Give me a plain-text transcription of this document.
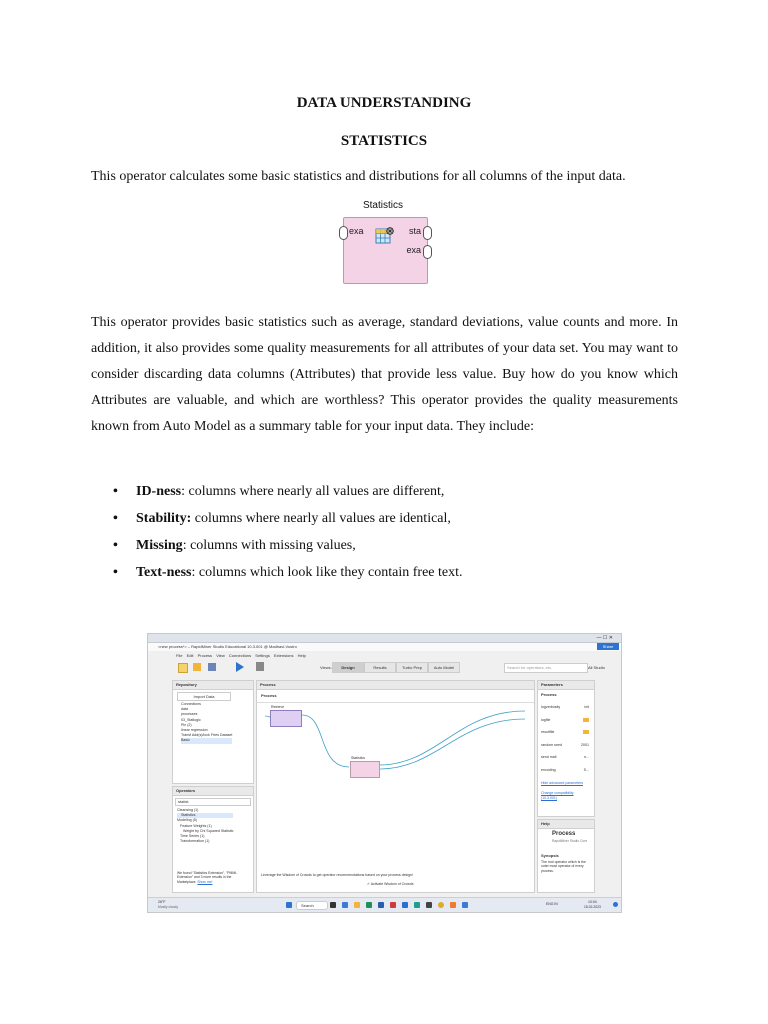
DATA UNDERSTANDING
STATISTICS

This operator calculates some basic statistics and distributions for all columns of the input data.

Statistics
exa	sta
exa

This operator provides basic statistics such as average, standard deviations, value counts and more. In addition, it also provides some quality measurements for all attributes of your data set. You may want to consider discarding data columns (Attributes) that provide less value. Buy how do you know which Attributes are valuable, and which are worthless? This operator provides the quality measurements known from Auto Model as a summary table for your input data. They include:

• ID-ness: columns where nearly all values are different,
• Stability: columns where nearly all values are identical,
• Missing: columns with missing values,
• Text-ness: columns which look like they contain free text.
— ☐ ✕
<new process*> – RapidMiner Studio Educational 10.3.001 @ Madhavi-Vostro	Share
File Edit Process View Connections Settings Extensions Help
Views:	Design	Results	Turbo Prep	Auto Model	Search for operators, etc.	All Studio
Repository
Import Data
Connections
data
processes
03_Statlogic
Pin (2)
linear regression
Transf Add(s)/lock Frtes Dataset
Basic
Operators
statist
Cleansing (1)
Statistics
Modeling (5)
Feature Weights (1)
Weight by Chi Squared Statistic
Time Series (1)
Transformation (1)
We found "Statistics Extension", "PMML Extension" and 3 more results in the Marketplace. Show me!
Process
Process
Retrieve
Statistics
Leverage the Wisdom of Crowds to get operator recommendations based on your process design!
✔ Activate Wisdom of Crowds
Parameters
Process
logverbosity	init
logfile
resultfile
random seed	2001
send mail	n...
encoding	S...
Hide advanced parameters
Change compatibility (10.3.001)
Help
Process
RapidMiner Studio Core
Synopsis
The root operator which is the outer most operator of every process.
26°F
Mostly cloudy	Search	ENG IN	10:04
15-02-2023
